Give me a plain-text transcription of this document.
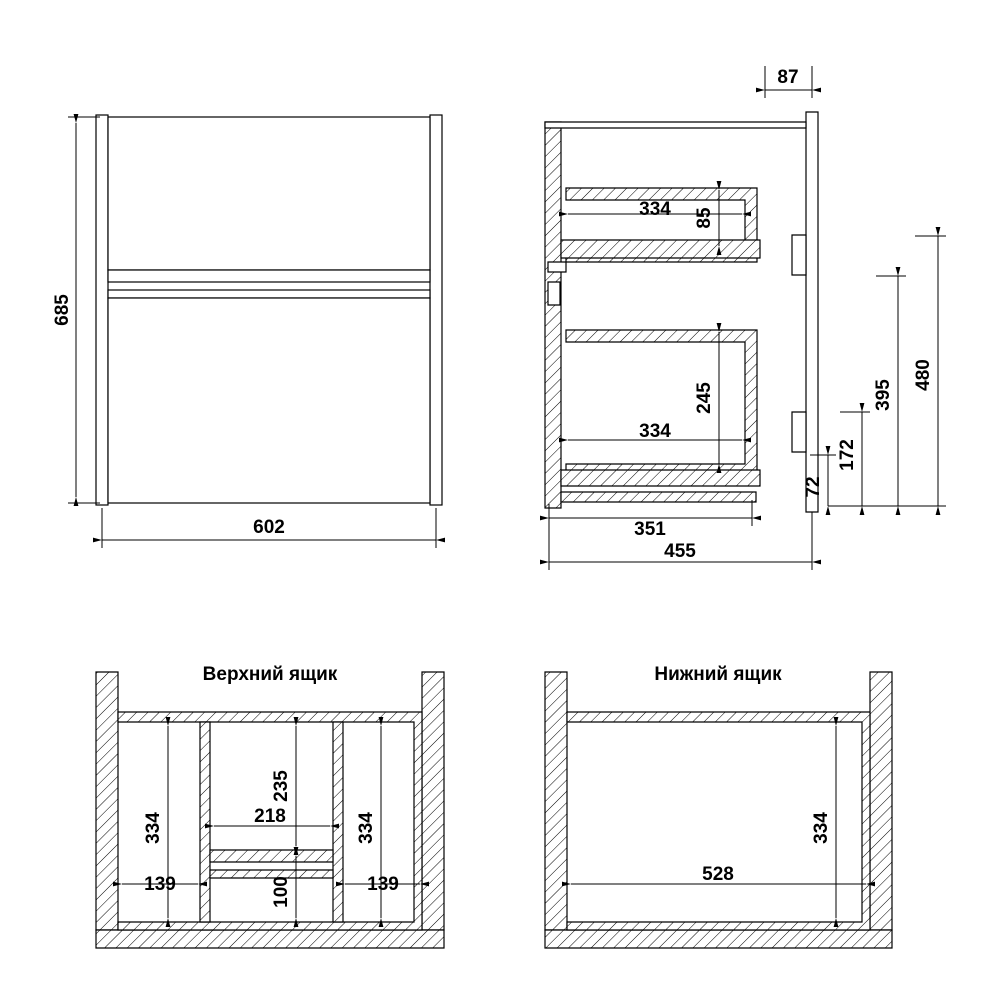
685
602
87
334 85
334
245
351
455
480
395
172
72
Верхний ящик
334
139
235
218
100
334
139
Нижний ящик
334
528
